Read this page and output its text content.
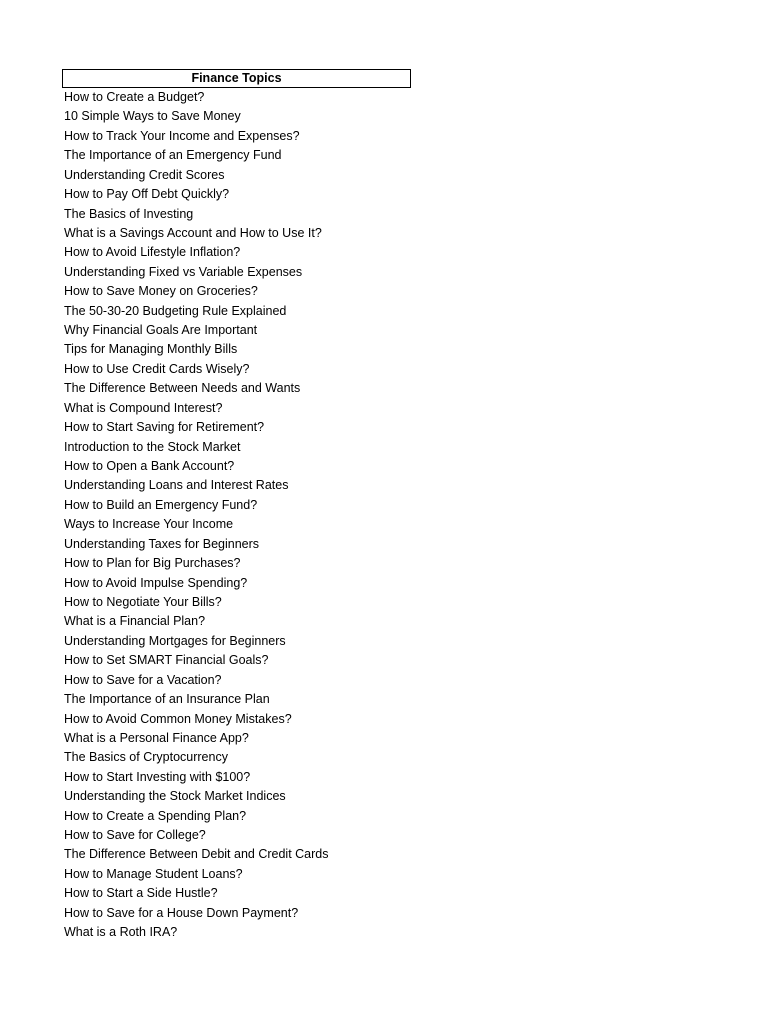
Finance Topics
How to Create a Budget?
10 Simple Ways to Save Money
How to Track Your Income and Expenses?
The Importance of an Emergency Fund
Understanding Credit Scores
How to Pay Off Debt Quickly?
The Basics of Investing
What is a Savings Account and How to Use It?
How to Avoid Lifestyle Inflation?
Understanding Fixed vs Variable Expenses
How to Save Money on Groceries?
The 50-30-20 Budgeting Rule Explained
Why Financial Goals Are Important
Tips for Managing Monthly Bills
How to Use Credit Cards Wisely?
The Difference Between Needs and Wants
What is Compound Interest?
How to Start Saving for Retirement?
Introduction to the Stock Market
How to Open a Bank Account?
Understanding Loans and Interest Rates
How to Build an Emergency Fund?
Ways to Increase Your Income
Understanding Taxes for Beginners
How to Plan for Big Purchases?
How to Avoid Impulse Spending?
How to Negotiate Your Bills?
What is a Financial Plan?
Understanding Mortgages for Beginners
How to Set SMART Financial Goals?
How to Save for a Vacation?
The Importance of an Insurance Plan
How to Avoid Common Money Mistakes?
What is a Personal Finance App?
The Basics of Cryptocurrency
How to Start Investing with $100?
Understanding the Stock Market Indices
How to Create a Spending Plan?
How to Save for College?
The Difference Between Debit and Credit Cards
How to Manage Student Loans?
How to Start a Side Hustle?
How to Save for a House Down Payment?
What is a Roth IRA?
